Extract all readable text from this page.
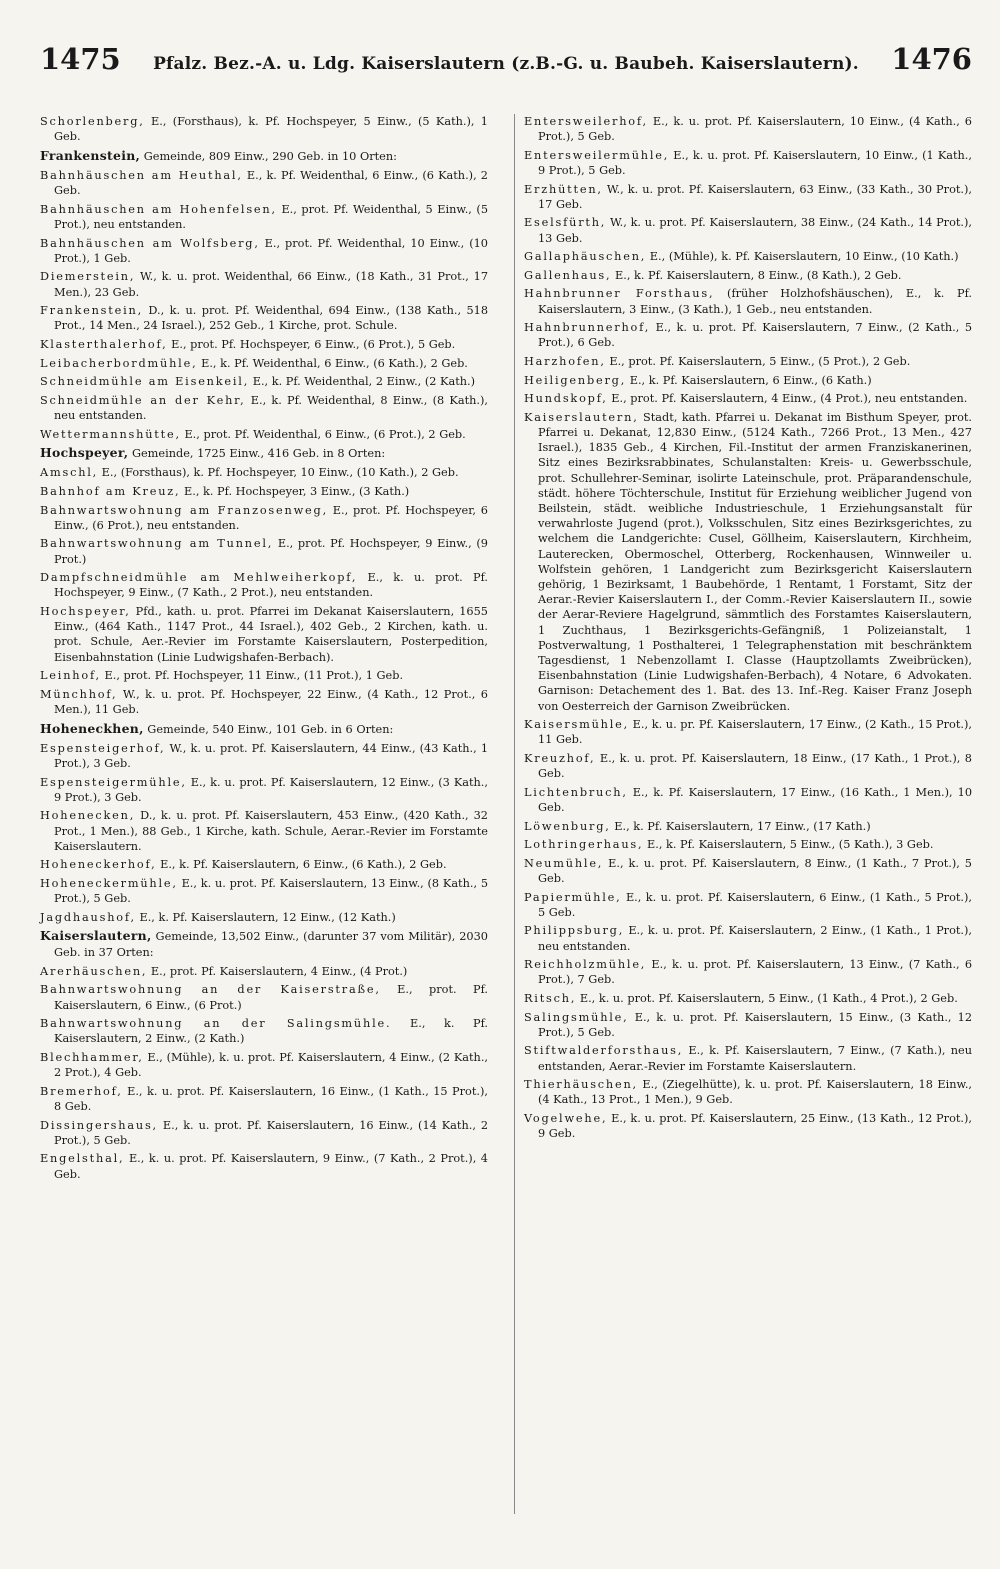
1475 Pfalz. Bez.-A. u. Ldg. Kaiserslautern (z.B.-G. u. Baubeh. Kaiserslautern). 1476

Schorlenberg, E., (Forsthaus), k. Pf. Hochspeyer, 5 Einw., (5 Kath.), 1 Geb.

Frankenstein, Gemeinde, 809 Einw., 290 Geb. in 10 Orten:

Bahnhäuschen am Heuthal, E., k. Pf. Weidenthal, 6 Einw., (6 Kath.), 2 Geb.

Bahnhäuschen am Hohenfelsen, E., prot. Pf. Weidenthal, 5 Einw., (5 Prot.), neu entstanden.

Bahnhäuschen am Wolfsberg, E., prot. Pf. Weidenthal, 10 Einw., (10 Prot.), 1 Geb.

Diemerstein, W., k. u. prot. Weidenthal, 66 Einw., (18 Kath., 31 Prot., 17 Men.), 23 Geb.

Frankenstein, D., k. u. prot. Pf. Weidenthal, 694 Einw., (138 Kath., 518 Prot., 14 Men., 24 Israel.), 252 Geb., 1 Kirche, prot. Schule.

Klasterthalerhof, E., prot. Pf. Hochspeyer, 6 Einw., (6 Prot.), 5 Geb.

Leibacherbordmühle, E., k. Pf. Weidenthal, 6 Einw., (6 Kath.), 2 Geb.

Schneidmühle am Eisenkeil, E., k. Pf. Weidenthal, 2 Einw., (2 Kath.)

Schneidmühle an der Kehr, E., k. Pf. Weidenthal, 8 Einw., (8 Kath.), neu entstanden.

Wettermannshütte, E., prot. Pf. Weidenthal, 6 Einw., (6 Prot.), 2 Geb.

Hochspeyer, Gemeinde, 1725 Einw., 416 Geb. in 8 Orten:

Amschl, E., (Forsthaus), k. Pf. Hochspeyer, 10 Einw., (10 Kath.), 2 Geb.

Bahnhof am Kreuz, E., k. Pf. Hochspeyer, 3 Einw., (3 Kath.)

Bahnwartswohnung am Franzosenweg, E., prot. Pf. Hochspeyer, 6 Einw., (6 Prot.), neu entstanden.

Bahnwartswohnung am Tunnel, E., prot. Pf. Hochspeyer, 9 Einw., (9 Prot.)

Dampfschneidmühle am Mehlweiherkopf, E., k. u. prot. Pf. Hochspeyer, 9 Einw., (7 Kath., 2 Prot.), neu entstanden.

Hochspeyer, Pfd., kath. u. prot. Pfarrei im Dekanat Kaiserslautern, 1655 Einw., (464 Kath., 1147 Prot., 44 Israel.), 402 Geb., 2 Kirchen, kath. u. prot. Schule, Aer.-Revier im Forstamte Kaiserslautern, Posterpedition, Eisenbahnstation (Linie Ludwigshafen-Berbach).

Leinhof, E., prot. Pf. Hochspeyer, 11 Einw., (11 Prot.), 1 Geb.

Münchhof, W., k. u. prot. Pf. Hochspeyer, 22 Einw., (4 Kath., 12 Prot., 6 Men.), 11 Geb.

Hoheneckhen, Gemeinde, 540 Einw., 101 Geb. in 6 Orten:

Espensteigerhof, W., k. u. prot. Pf. Kaiserslautern, 44 Einw., (43 Kath., 1 Prot.), 3 Geb.

Espensteigermühle, E., k. u. prot. Pf. Kaiserslautern, 12 Einw., (3 Kath., 9 Prot.), 3 Geb.

Hohenecken, D., k. u. prot. Pf. Kaiserslautern, 453 Einw., (420 Kath., 32 Prot., 1 Men.), 88 Geb., 1 Kirche, kath. Schule, Aerar.-Revier im Forstamte Kaiserslautern.

Hoheneckerhof, E., k. Pf. Kaiserslautern, 6 Einw., (6 Kath.), 2 Geb.

Hoheneckermühle, E., k. u. prot. Pf. Kaiserslautern, 13 Einw., (8 Kath., 5 Prot.), 5 Geb.

Jagdhaushof, E., k. Pf. Kaiserslautern, 12 Einw., (12 Kath.)

Kaiserslautern, Gemeinde, 13,502 Einw., (darunter 37 vom Militär), 2030 Geb. in 37 Orten:

Arerhäuschen, E., prot. Pf. Kaiserslautern, 4 Einw., (4 Prot.)

Bahnwartswohnung an der Kaiserstraße, E., prot. Pf. Kaiserslautern, 6 Einw., (6 Prot.)

Bahnwartswohnung an der Salingsmühle. E., k. Pf. Kaiserslautern, 2 Einw., (2 Kath.)

Blechhammer, E., (Mühle), k. u. prot. Pf. Kaiserslautern, 4 Einw., (2 Kath., 2 Prot.), 4 Geb.

Bremerhof, E., k. u. prot. Pf. Kaiserslautern, 16 Einw., (1 Kath., 15 Prot.), 8 Geb.

Dissingershaus, E., k. u. prot. Pf. Kaiserslautern, 16 Einw., (14 Kath., 2 Prot.), 5 Geb.

Engelsthal, E., k. u. prot. Pf. Kaiserslautern, 9 Einw., (7 Kath., 2 Prot.), 4 Geb.

Entersweilerhof, E., k. u. prot. Pf. Kaiserslautern, 10 Einw., (4 Kath., 6 Prot.), 5 Geb.

Entersweilermühle, E., k. u. prot. Pf. Kaiserslautern, 10 Einw., (1 Kath., 9 Prot.), 5 Geb.

Erzhütten, W., k. u. prot. Pf. Kaiserslautern, 63 Einw., (33 Kath., 30 Prot.), 17 Geb.

Eselsfürth, W., k. u. prot. Pf. Kaiserslautern, 38 Einw., (24 Kath., 14 Prot.), 13 Geb.

Gallaphäuschen, E., (Mühle), k. Pf. Kaiserslautern, 10 Einw., (10 Kath.)

Gallenhaus, E., k. Pf. Kaiserslautern, 8 Einw., (8 Kath.), 2 Geb.

Hahnbrunner Forsthaus, (früher Holzhofshäuschen), E., k. Pf. Kaiserslautern, 3 Einw., (3 Kath.), 1 Geb., neu entstanden.

Hahnbrunnerhof, E., k. u. prot. Pf. Kaiserslautern, 7 Einw., (2 Kath., 5 Prot.), 6 Geb.

Harzhofen, E., prot. Pf. Kaiserslautern, 5 Einw., (5 Prot.), 2 Geb.

Heiligenberg, E., k. Pf. Kaiserslautern, 6 Einw., (6 Kath.)

Hundskopf, E., prot. Pf. Kaiserslautern, 4 Einw., (4 Prot.), neu entstanden.

Kaiserslautern, Stadt, kath. Pfarrei u. Dekanat im Bisthum Speyer, prot. Pfarrei u. Dekanat, 12,830 Einw., (5124 Kath., 7266 Prot., 13 Men., 427 Israel.), 1835 Geb., 4 Kirchen, Fil.-Institut der armen Franziskanerinen, Sitz eines Bezirksrabbinates, Schulanstalten: Kreis- u. Gewerbsschule, prot. Schullehrer-Seminar, isolirte Lateinschule, prot. Präparandenschule, städt. höhere Töchterschule, Institut für Erziehung weiblicher Jugend von Beilstein, städt. weibliche Industrieschule, 1 Erziehungsanstalt für verwahrloste Jugend (prot.), Volksschulen, Sitz eines Bezirksgerichtes, zu welchem die Landgerichte: Cusel, Göllheim, Kaiserslautern, Kirchheim, Lauterecken, Obermoschel, Otterberg, Rockenhausen, Winnweiler u. Wolfstein gehören, 1 Landgericht zum Bezirksgericht Kaiserslautern gehörig, 1 Bezirksamt, 1 Baubehörde, 1 Rentamt, 1 Forstamt, Sitz der Aerar.-Revier Kaiserslautern I., der Comm.-Revier Kaiserslautern II., sowie der Aerar-Reviere Hagelgrund, sämmtlich des Forstamtes Kaiserslautern, 1 Zuchthaus, 1 Bezirksgerichts-Gefängniß, 1 Polizeianstalt, 1 Postverwaltung, 1 Posthalterei, 1 Telegraphenstation mit beschränktem Tagesdienst, 1 Nebenzollamt I. Classe (Hauptzollamts Zweibrücken), Eisenbahnstation (Linie Ludwigshafen-Berbach), 4 Notare, 6 Advokaten. Garnison: Detachement des 1. Bat. des 13. Inf.-Reg. Kaiser Franz Joseph von Oesterreich der Garnison Zweibrücken.

Kaisersmühle, E., k. u. pr. Pf. Kaiserslautern, 17 Einw., (2 Kath., 15 Prot.), 11 Geb.

Kreuzhof, E., k. u. prot. Pf. Kaiserslautern, 18 Einw., (17 Kath., 1 Prot.), 8 Geb.

Lichtenbruch, E., k. Pf. Kaiserslautern, 17 Einw., (16 Kath., 1 Men.), 10 Geb.

Löwenburg, E., k. Pf. Kaiserslautern, 17 Einw., (17 Kath.)

Lothringerhaus, E., k. Pf. Kaiserslautern, 5 Einw., (5 Kath.), 3 Geb.

Neumühle, E., k. u. prot. Pf. Kaiserslautern, 8 Einw., (1 Kath., 7 Prot.), 5 Geb.

Papiermühle, E., k. u. prot. Pf. Kaiserslautern, 6 Einw., (1 Kath., 5 Prot.), 5 Geb.

Philippsburg, E., k. u. prot. Pf. Kaiserslautern, 2 Einw., (1 Kath., 1 Prot.), neu entstanden.

Reichholzmühle, E., k. u. prot. Pf. Kaiserslautern, 13 Einw., (7 Kath., 6 Prot.), 7 Geb.

Ritsch, E., k. u. prot. Pf. Kaiserslautern, 5 Einw., (1 Kath., 4 Prot.), 2 Geb.

Salingsmühle, E., k. u. prot. Pf. Kaiserslautern, 15 Einw., (3 Kath., 12 Prot.), 5 Geb.

Stiftwalderforsthaus, E., k. Pf. Kaiserslautern, 7 Einw., (7 Kath.), neu entstanden, Aerar.-Revier im Forstamte Kaiserslautern.

Thierhäuschen, E., (Ziegelhütte), k. u. prot. Pf. Kaiserslautern, 18 Einw., (4 Kath., 13 Prot., 1 Men.), 9 Geb.

Vogelwehe, E., k. u. prot. Pf. Kaiserslautern, 25 Einw., (13 Kath., 12 Prot.), 9 Geb.
